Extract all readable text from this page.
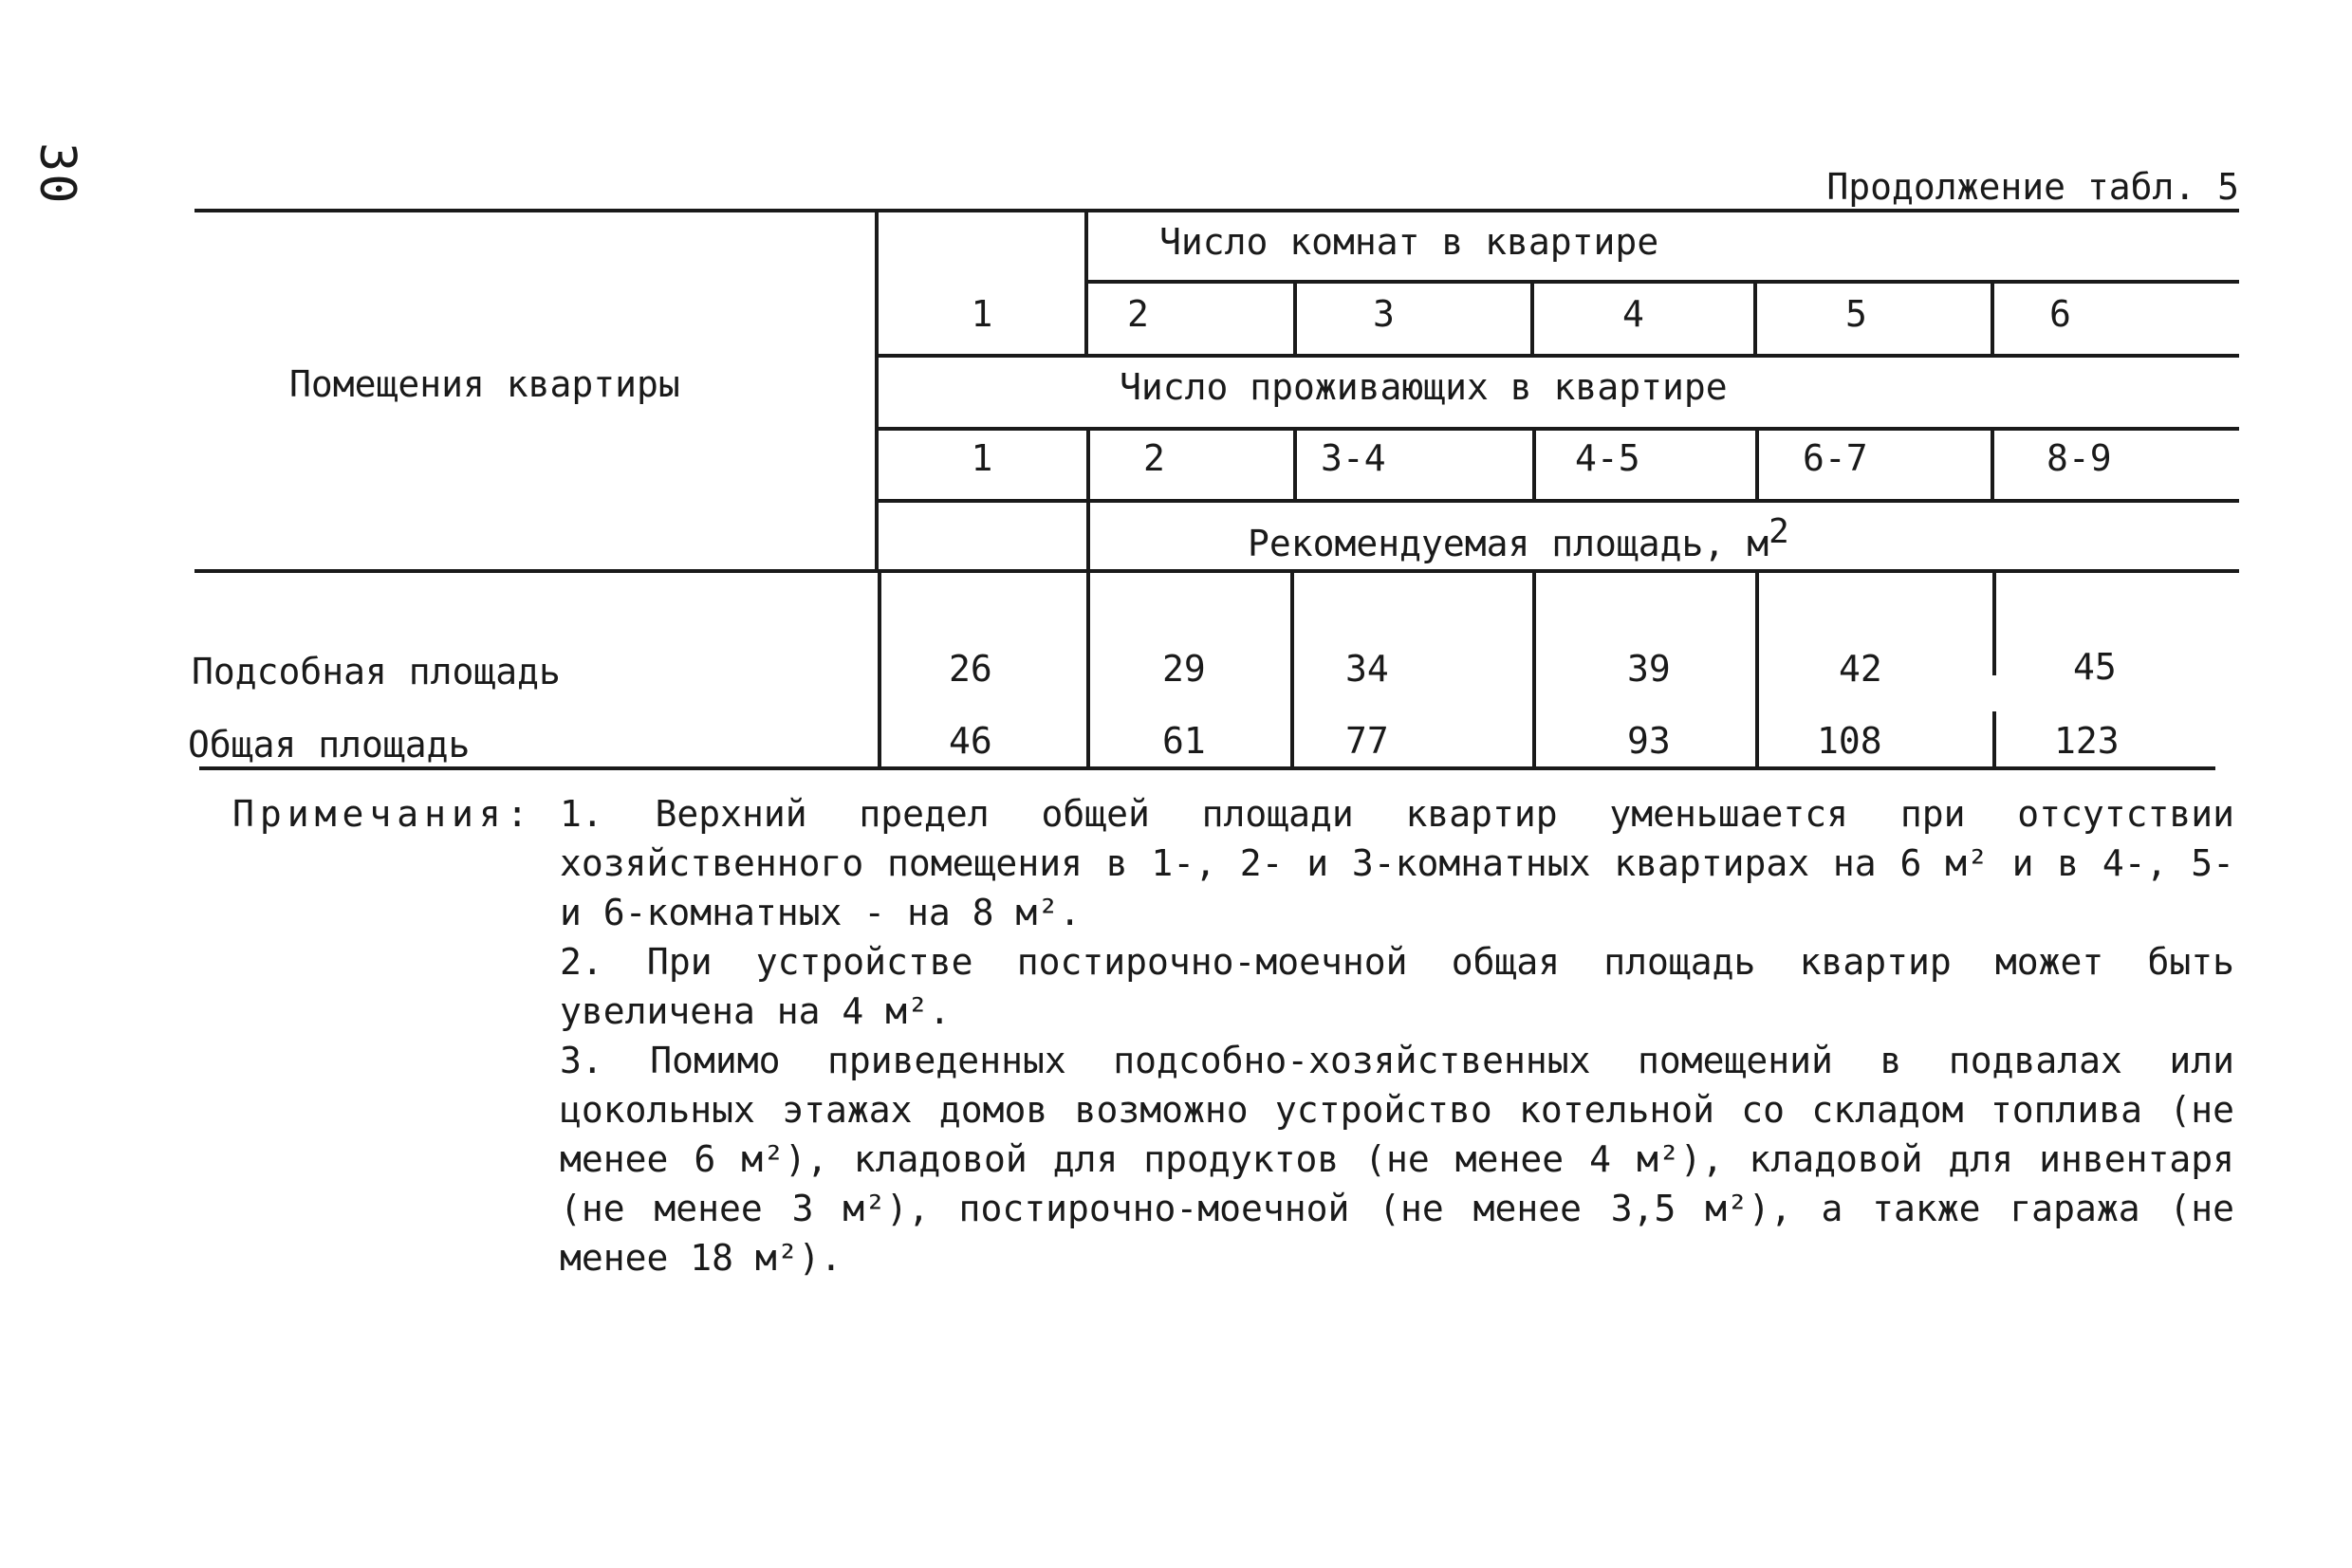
30	Продолжение табл. 5
Помещения квартиры
Число комнат в квартире
1	2	3	4	5	6
Число проживающих в квартире
1	2	3-4	4-5	6-7	8-9
Рекомендуемая площадь, $м^2$
Подсобная площадь	26	29	34	39	42	45
Общая площадь	46	61	77	93	108	123
Примечания: 1. Верхний предел общей площади квартир уменьшается при отсутствии хозяйственного помещения в 1-, 2- и 3-комнатных квартирах на 6 м² и в 4-, 5- и 6-комнатных - на 8 м².
2. При устройстве постирочно-моечной общая площадь квартир может быть увеличена на 4 м².
3. Помимо приведенных подсобно-хозяйственных помещений в подвалах или цокольных этажах домов возможно устройство котельной со складом топлива (не менее 6 м²), кладовой для продуктов (не менее 4 м²), кладовой для инвентаря (не менее 3 м²), постирочно-моечной (не менее 3,5 м²), а также гаража (не менее 18 м²).
